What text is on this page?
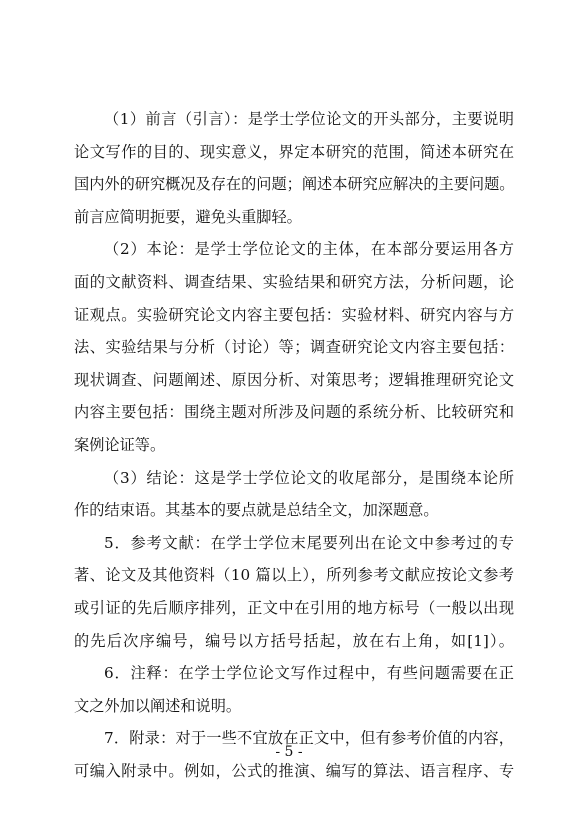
（1）前言（引言）：是学士学位论文的开头部分，主要说明
论文写作的目的、现实意义，界定本研究的范围，简述本研究在
国内外的研究概况及存在的问题；阐述本研究应解决的主要问题。
前言应简明扼要，避免头重脚轻。
（2）本论：是学士学位论文的主体，在本部分要运用各方
面的文献资料、调查结果、实验结果和研究方法，分析问题，论
证观点。实验研究论文内容主要包括：实验材料、研究内容与方
法、实验结果与分析（讨论）等；调查研究论文内容主要包括：
现状调查、问题阐述、原因分析、对策思考；逻辑推理研究论文
内容主要包括：围绕主题对所涉及问题的系统分析、比较研究和
案例论证等。
（3）结论：这是学士学位论文的收尾部分，是围绕本论所
作的结束语。其基本的要点就是总结全文，加深题意。
5．参考文献：在学士学位末尾要列出在论文中参考过的专
著、论文及其他资料（10 篇以上），所列参考文献应按论文参考
或引证的先后顺序排列，正文中在引用的地方标号（一般以出现
的先后次序编号，编号以方括号括起，放在右上角，如[1]）。
6．注释：在学士学位论文写作过程中，有些问题需要在正
文之外加以阐述和说明。
7．附录：对于一些不宜放在正文中，但有参考价值的内容，
可编入附录中。例如，公式的推演、编写的算法、语言程序、专
- 5 -
